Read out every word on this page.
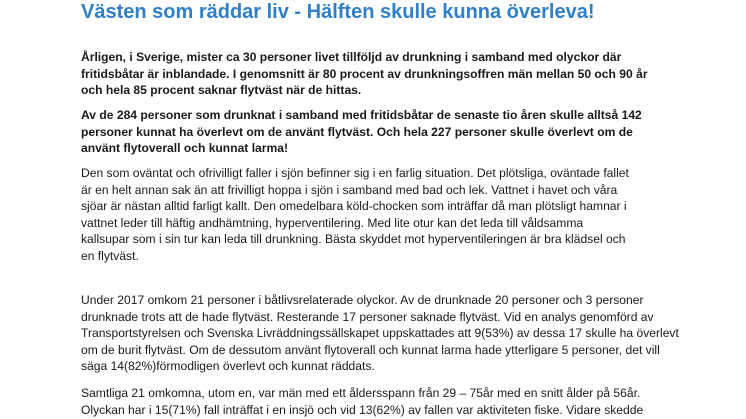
Västen som räddar liv - Hälften skulle kunna överleva!

Årligen, i Sverige, mister ca 30 personer livet tillföljd av drunkning i samband med olyckor där
fritidsbåtar är inblandade. I genomsnitt är 80 procent av drunkningsoffren män mellan 50 och 90 år
och hela 85 procent saknar flytväst när de hittas.

Av de 284 personer som drunknat i samband med fritidsbåtar de senaste tio åren skulle alltså 142
personer kunnat ha överlevt om de använt flytväst. Och hela 227 personer skulle överlevt om de
använt flytoverall och kunnat larma!

Den som oväntat och ofrivilligt faller i sjön befinner sig i en farlig situation. Det plötsliga, oväntade fallet
är en helt annan sak än att frivilligt hoppa i sjön i samband med bad och lek. Vattnet i havet och våra
sjöar är nästan alltid farligt kallt. Den omedelbara köld-chocken som inträffar då man plötsligt hamnar i
vattnet leder till häftig andhämtning, hyperventilering. Med lite otur kan det leda till våldsamma
kallsupar som i sin tur kan leda till drunkning. Bästa skyddet mot hyperventileringen är bra klädsel och
en flytväst.

Under 2017 omkom 21 personer i båtlivsrelaterade olyckor. Av de drunknade 20 personer och 3 personer
drunknade trots att de hade flytväst. Resterande 17 personer saknade flytväst. Vid en analys genomförd av
Transportstyrelsen och Svenska Livräddningssällskapet uppskattades att 9(53%) av dessa 17 skulle ha överlevt
om de burit flytväst. Om de dessutom använt flytoverall och kunnat larma hade ytterligare 5 personer, det vill
säga 14(82%)förmodligen överlevt och kunnat räddats.

Samtliga 21 omkomna, utom en, var män med ett åldersspann från 29 – 75år med en snitt ålder på 56år.
Olyckan har i 15(71%) fall inträffat i en insjö och vid 13(62%) av fallen var aktiviteten fiske. Vidare skedde
